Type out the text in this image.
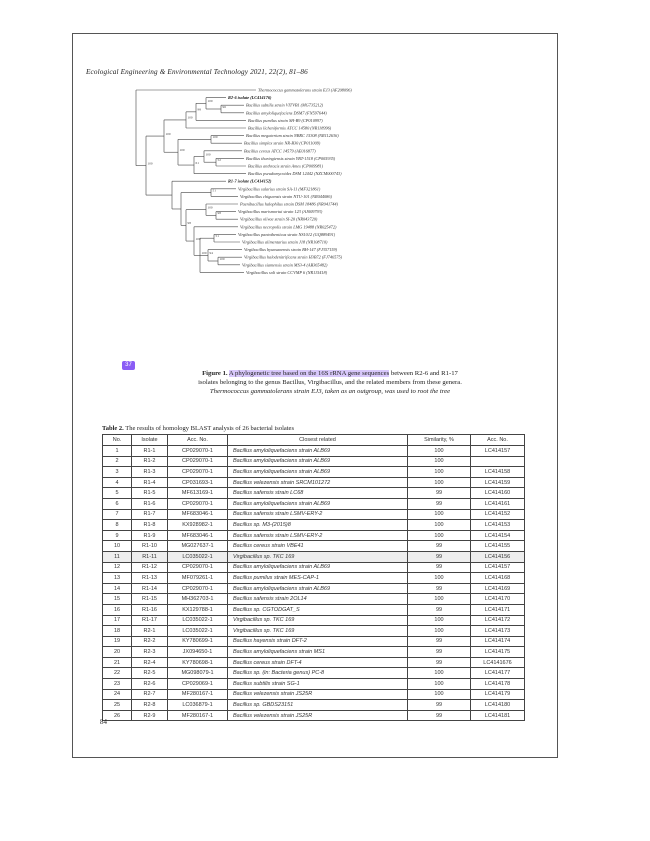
Ecological Engineering & Environmental Technology 2021, 22(2), 81–86
Thermococcus gammatolerans strain EJ3 (AF208096)
R2-6 isolate (LC414176)
Bacillus subtilis strain VITVB1 (MG735212)
Bacillus amyloliquefaciens DSM7 (FN597644)
Bacillus pumilus strain SH-B9 (CP010997)
Bacillus licheniformis ATCC 14580 (NR118996)
Bacillus megaterium strain NBRC 15308 (NR112636)
Bacillus simplex strain NR-B30 (CP011009)
Bacillus cereus ATCC 14579 (AE016877)
Bacillus thuringiensis strain YBT-1518 (CP005935)
Bacillus anthracis strain Ames (CP009981)
Bacillus pseudomycoides DSM 12442 (NZCM000743)
R1-7 isolate (LC414152)
Virgibacillus salarius strain SA-11 (MF321861)
Virgibacillus chiguensis strain NTU-101 (NR044086)
Paenibacillus halophilus strain DSM 18486 (NR041744)
Virgibacillus marismortui strain 123 (AJ009793)
Virgibacillus olivae strain SI-20 (NR043720)
Virgibacillus necropolis strain LMG 19488 (NR025472)
Virgibacillus pantothenticus strain NS1012 (GQ889491)
Virgibacillus alimentarius strain J18 (NR108710)
Virgibacillus byunsanensis strain BH-147 (FJ357159)
Virgibacillus halodenitrificans strain H3B72 (FJ746575)
Virgibacillus siamensis strain MS3-4 (AB365482)
Virgibacillus soli strain CCVMP 6 (NR115418)
96
100
98
100
100
52
100
61
100
100
51
98
100
51
100
94
100
100
98
100
37
Figure 1. A phylogenetic tree based on the 16S rRNA gene sequences between R2-6 and R1-17
isolates belonging to the genus Bacillus, Virgibacillus, and the related members from these genera.
Thermococcus gammatolerans strain EJ3, taken as an outgroup, was used to root the tree
Table 2. The results of homology BLAST analysis of 26 bacterial isolates
No.	Isolate	Acc. No.	Closest related	Similarity, %	Acc. No.
1	R1-1	CP029070-1	Bacillus amyloliquefaciens strain ALB69	100	LC414157
2	R1-2	CP029070-1	Bacillus amyloliquefaciens strain ALB69	100	
3	R1-3	CP029070-1	Bacillus amyloliquefaciens strain ALB69	100	LC414158
4	R1-4	CP031693-1	Bacillus velezensis strain SRCM101272	100	LC414159
5	R1-5	MF613169-1	Bacillus safensis strain LC68	99	LC414160
6	R1-6	CP029070-1	Bacillus amyloliquefaciens strain ALB69	99	LC414161
7	R1-7	MF683046-1	Bacillus safensis strain LSMV-ERY-2	100	LC414152
8	R1-8	KX928982-1	Bacillus sp. M3-(2015)8	100	LC414153
9	R1-9	MF683046-1	Bacillus safensis strain LSMV-ERY-2	100	LC414154
10	R1-10	MG027637-1	Bacillus cereus strain VBE41	99	LC414155
11	R1-11	LC035022-1	Virgibacillus sp. TKC 169	99	LC414156
12	R1-12	CP029070-1	Bacillus amyloliquefaciens strain ALB69	99	LC414157
13	R1-13	MF079261-1	Bacillus pumilus strain MES-CAP-1	100	LC414168
14	R1-14	CP029070-1	Bacillus amyloliquefaciens strain ALB69	99	LC414169
15	R1-15	MH362703-1	Bacillus safensis strain 2OL14	100	LC414170
16	R1-16	KX129788-1	Bacillus sp. CGTODGAT_S	99	LC414171
17	R1-17	LC035022-1	Virgibacillus sp. TKC 169	100	LC414172
18	R2-1	LC035022-1	Virgibacillus sp. TKC 169	100	LC414173
19	R2-2	KY780699-1	Bacillus hayensis strain DFT-2	99	LC414174
20	R2-3	JX094650-1	Bacillus amyloliquefaciens strain MS1	99	LC414175
21	R2-4	KY780698-1	Bacillus cereus strain DFT-4	99	LC4141676
22	R2-5	MG098079-1	Bacillus sp. (in: Bacteria genus) PC-8	100	LC414177
23	R2-6	CP029069-1	Bacillus subtilis strain SG-1	100	LC414178
24	R2-7	MF280167-1	Bacillus velezensis strain JS25R	100	LC414179
25	R2-8	LC036879-1	Bacillus sp. GBDS23151	99	LC414180
26	R2-9	MF280167-1	Bacillus velezensis strain JS25R	99	LC414181
84
